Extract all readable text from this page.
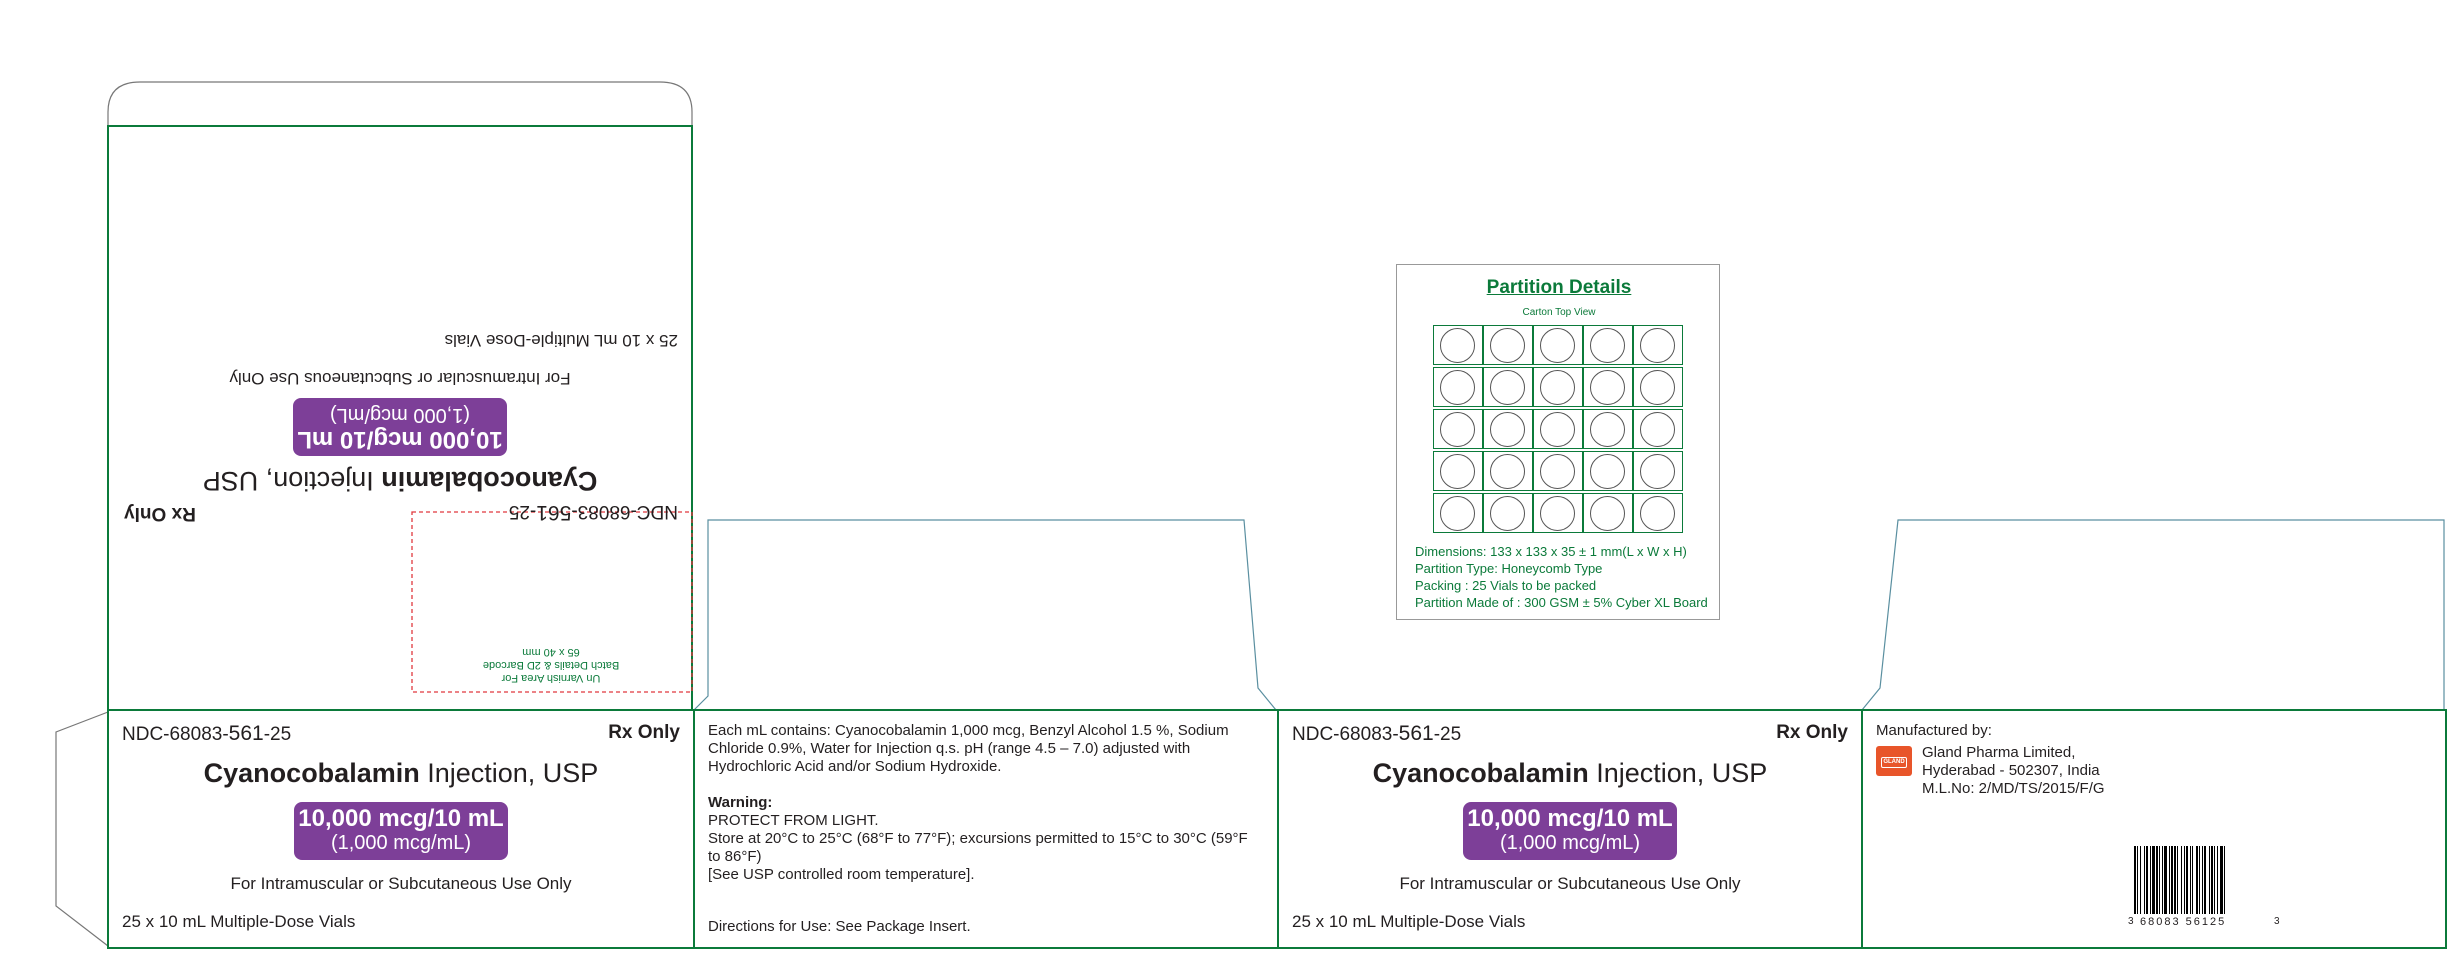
NDC-68083-561-25
Rx Only
Cyanocobalamin Injection, USP
10,000 mcg/10 mL
(1,000 mcg/mL)
For Intramuscular or Subcutaneous Use Only
25 x 10 mL Multiple-Dose Vials
Un Varnish Area For
Batch Details & 2D Barcode
65 x 40 mm
NDC-68083-561-25	Rx Only
Cyanocobalamin Injection, USP
10,000 mcg/10 mL
(1,000 mcg/mL)
For Intramuscular or Subcutaneous Use Only
25 x 10 mL Multiple-Dose Vials
Each mL contains: Cyanocobalamin 1,000 mcg, Benzyl Alcohol 1.5 %, Sodium Chloride 0.9%, Water for Injection q.s. pH (range 4.5 – 7.0) adjusted with Hydrochloric Acid and/or Sodium Hydroxide.
Warning:
PROTECT FROM LIGHT.
Store at 20°C to 25°C (68°F to 77°F); excursions permitted to 15°C to 30°C (59°F to 86°F)
[See USP controlled room temperature].
Directions for Use: See Package Insert.
NDC-68083-561-25	Rx Only
Cyanocobalamin Injection, USP
10,000 mcg/10 mL
(1,000 mcg/mL)
For Intramuscular or Subcutaneous Use Only
25 x 10 mL Multiple-Dose Vials
Manufactured by:
GLAND
Gland Pharma Limited,
Hyderabad - 502307, India
M.L.No: 2/MD/TS/2015/F/G
3 68083 56125	3
Partition Details
Carton Top View
Dimensions: 133 x 133 x 35 ± 1 mm(L x W x H)
Partition Type: Honeycomb Type
Packing : 25 Vials to be packed
Partition Made of : 300 GSM ± 5% Cyber XL Board
